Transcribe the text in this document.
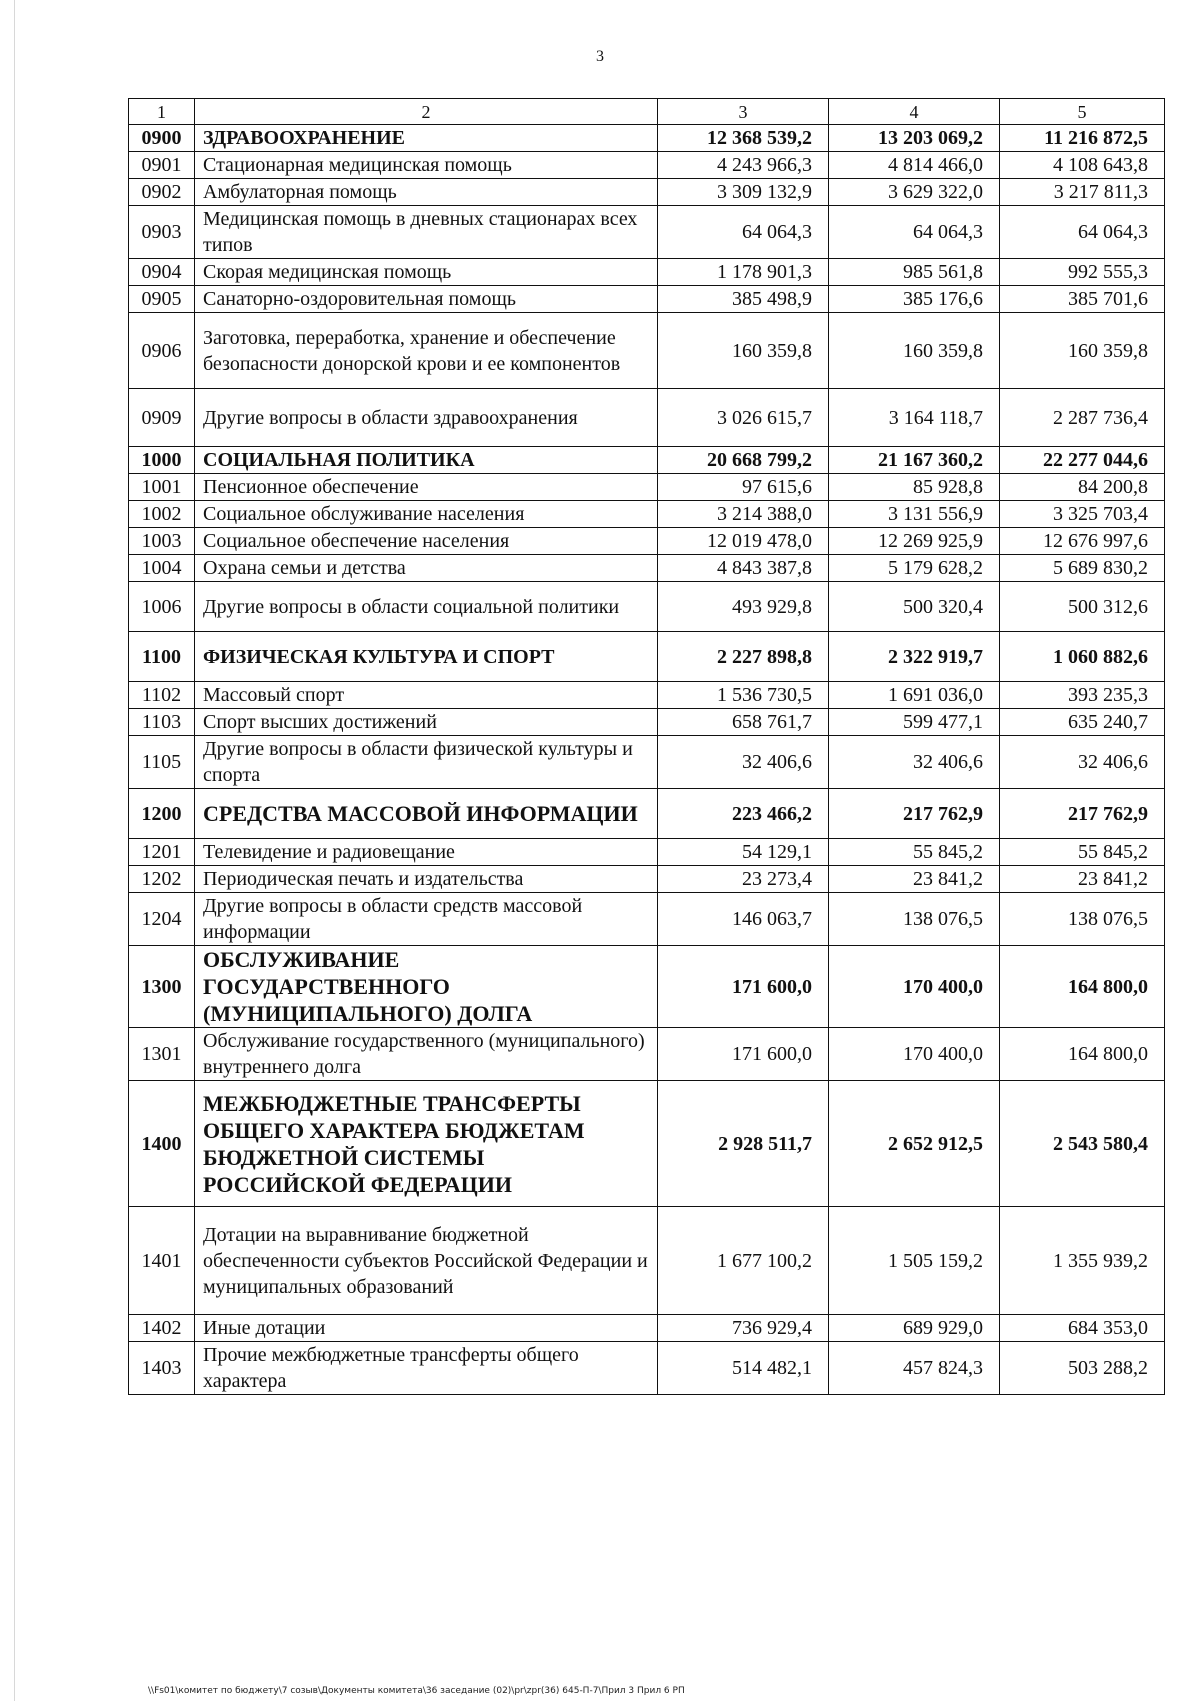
3
1	2	3	4	5
0900	ЗДРАВООХРАНЕНИЕ	12 368 539,2	13 203 069,2	11 216 872,5
0901	Стационарная медицинская помощь	4 243 966,3	4 814 466,0	4 108 643,8
0902	Амбулаторная помощь	3 309 132,9	3 629 322,0	3 217 811,3
0903	Медицинская помощь в дневных стационарах всех типов	64 064,3	64 064,3	64 064,3
0904	Скорая медицинская помощь	1 178 901,3	985 561,8	992 555,3
0905	Санаторно-оздоровительная помощь	385 498,9	385 176,6	385 701,6
0906	Заготовка, переработка, хранение и обеспечение безопасности донорской крови и ее компонентов	160 359,8	160 359,8	160 359,8
0909	Другие вопросы в области здравоохранения	3 026 615,7	3 164 118,7	2 287 736,4
1000	СОЦИАЛЬНАЯ ПОЛИТИКА	20 668 799,2	21 167 360,2	22 277 044,6
1001	Пенсионное обеспечение	97 615,6	85 928,8	84 200,8
1002	Социальное обслуживание населения	3 214 388,0	3 131 556,9	3 325 703,4
1003	Социальное обеспечение населения	12 019 478,0	12 269 925,9	12 676 997,6
1004	Охрана семьи и детства	4 843 387,8	5 179 628,2	5 689 830,2
1006	Другие вопросы в области социальной политики	493 929,8	500 320,4	500 312,6
1100	ФИЗИЧЕСКАЯ КУЛЬТУРА И СПОРТ	2 227 898,8	2 322 919,7	1 060 882,6
1102	Массовый спорт	1 536 730,5	1 691 036,0	393 235,3
1103	Спорт высших достижений	658 761,7	599 477,1	635 240,7
1105	Другие вопросы в области физической культуры и спорта	32 406,6	32 406,6	32 406,6
1200	СРЕДСТВА МАССОВОЙ ИНФОРМАЦИИ	223 466,2	217 762,9	217 762,9
1201	Телевидение и радиовещание	54 129,1	55 845,2	55 845,2
1202	Периодическая печать и издательства	23 273,4	23 841,2	23 841,2
1204	Другие вопросы в области средств массовой информации	146 063,7	138 076,5	138 076,5
1300	ОБСЛУЖИВАНИЕ ГОСУДАРСТВЕННОГО (МУНИЦИПАЛЬНОГО) ДОЛГА	171 600,0	170 400,0	164 800,0
1301	Обслуживание государственного (муниципального) внутреннего долга	171 600,0	170 400,0	164 800,0
1400	МЕЖБЮДЖЕТНЫЕ ТРАНСФЕРТЫ ОБЩЕГО ХАРАКТЕРА БЮДЖЕТАМ БЮДЖЕТНОЙ СИСТЕМЫ РОССИЙСКОЙ ФЕДЕРАЦИИ	2 928 511,7	2 652 912,5	2 543 580,4
1401	Дотации на выравнивание бюджетной обеспеченности субъектов Российской Федерации и муниципальных образований	1 677 100,2	1 505 159,2	1 355 939,2
1402	Иные дотации	736 929,4	689 929,0	684 353,0
1403	Прочие межбюджетные трансферты общего характера	514 482,1	457 824,3	503 288,2
\\Fs01\комитет по бюджету\7 созыв\Документы комитета\36 заседание (02)\pr\zpr(36) 645-П-7\Прил 3 Прил 6 РП
